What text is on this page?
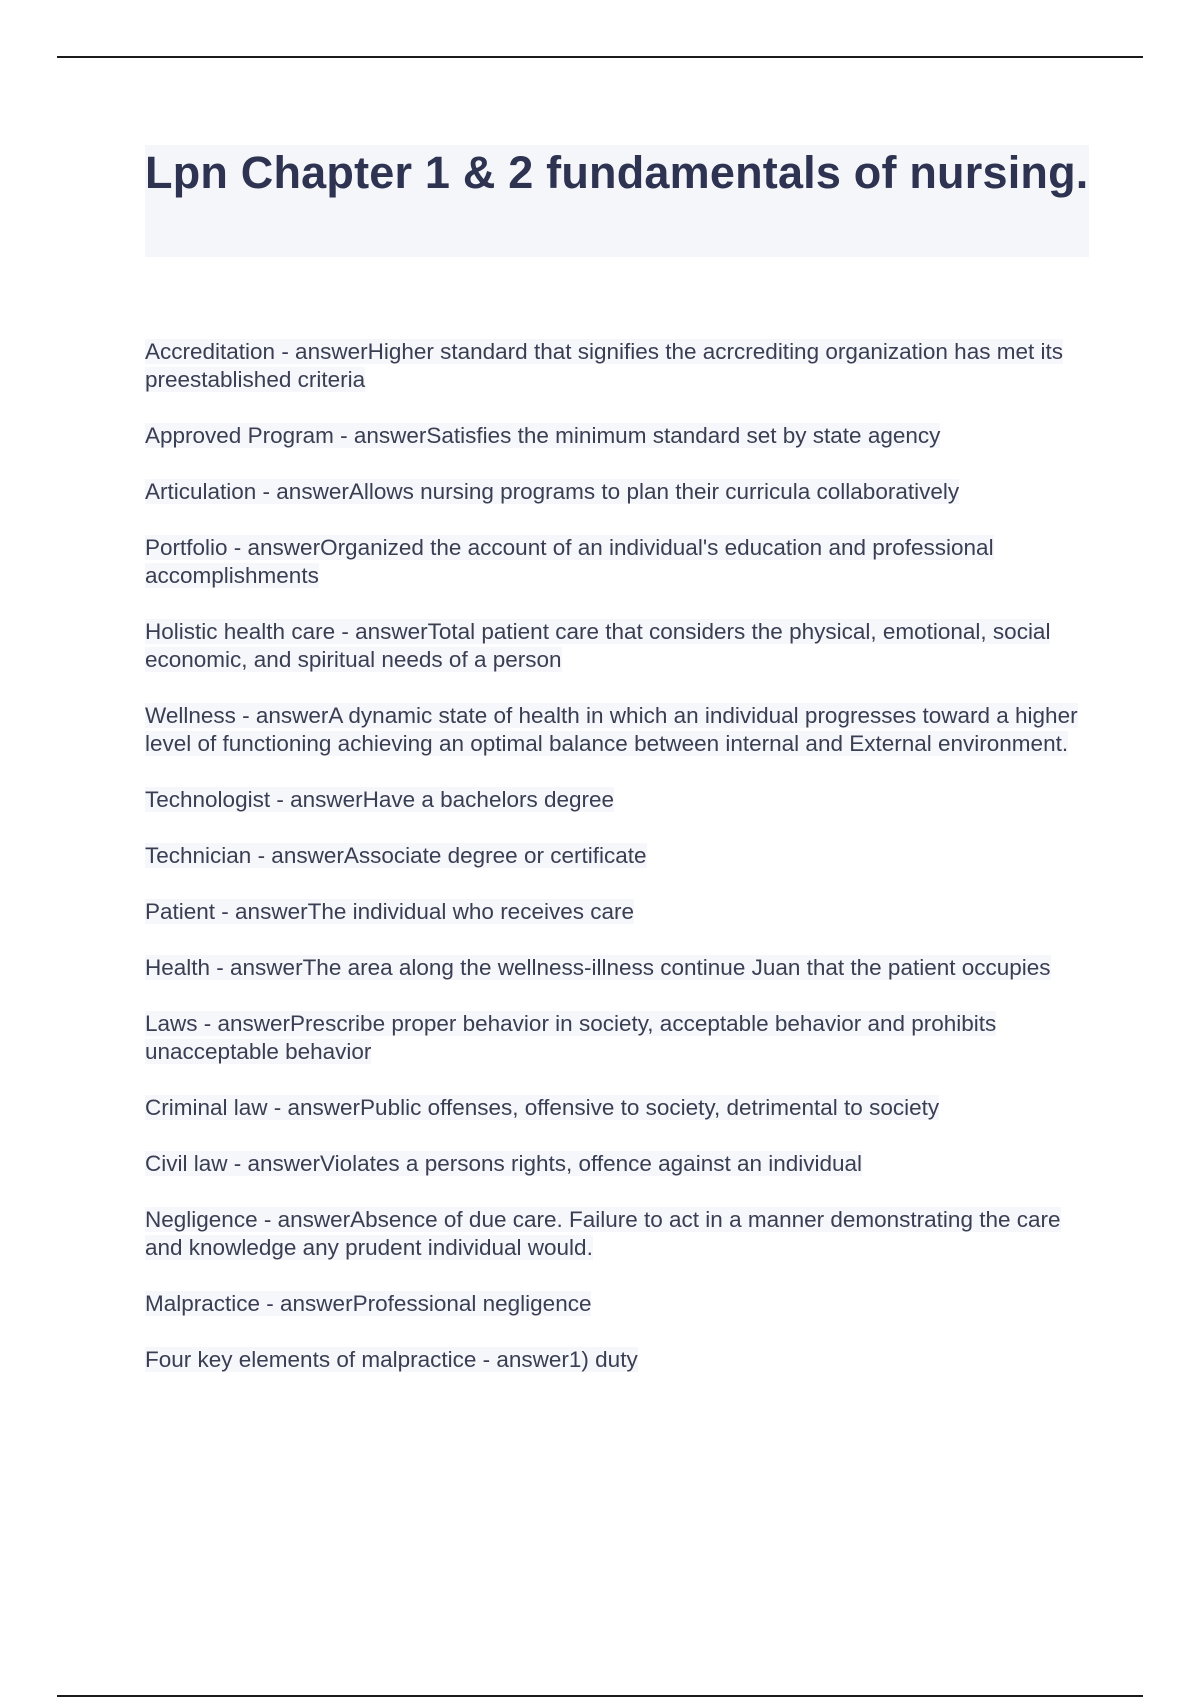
Lpn Chapter 1 & 2 fundamentals of nursing.
Accreditation - answerHigher standard that signifies the acrcrediting organization has met its preestablished criteria
Approved Program - answerSatisfies the minimum standard set by state agency
Articulation - answerAllows nursing programs to plan their curricula collaboratively
Portfolio - answerOrganized the account of an individual's education and professional accomplishments
Holistic health care - answerTotal patient care that considers the physical, emotional, social economic, and spiritual needs of a person
Wellness - answerA dynamic state of health in which an individual progresses toward a higher level of functioning achieving an optimal balance between internal and External environment.
Technologist - answerHave a bachelors degree
Technician - answerAssociate degree or certificate
Patient - answerThe individual who receives care
Health - answerThe area along the wellness-illness continue Juan that the patient occupies
Laws - answerPrescribe proper behavior in society, acceptable behavior and prohibits unacceptable behavior
Criminal law - answerPublic offenses, offensive to society, detrimental to society
Civil law - answerViolates a persons rights, offence against an individual
Negligence - answerAbsence of due care. Failure to act in a manner demonstrating the care and knowledge any prudent individual would.
Malpractice - answerProfessional negligence
Four key elements of malpractice - answer1) duty
